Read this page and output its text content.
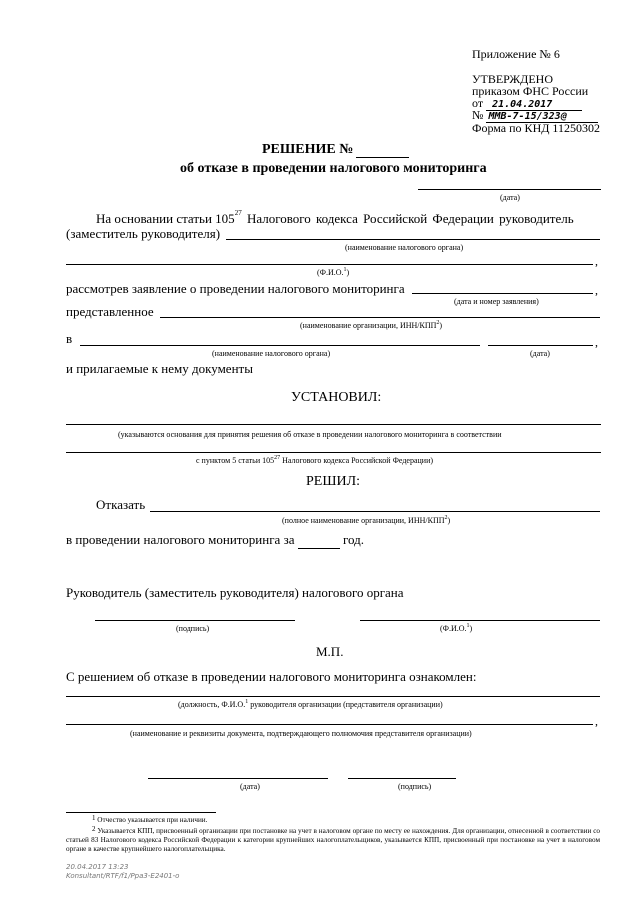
Приложение № 6
УТВЕРЖДЕНО
приказом ФНС России
от 21.04.2017
№ ММВ-7-15/323@
Форма по КНД 11250302
РЕШЕНИЕ №
об отказе в проведении налогового мониторинга
(дата)
На основании статьи $105^{27}$ Налогового кодекса Российской Федерации руководитель
(заместитель руководителя)
(наименование налогового органа)
,
(Ф.И.О.$^1$)
рассмотрев заявление о проведении налогового мониторинга	,
(дата и номер заявления)
представленное
(наименование организации, ИНН/КПП$^2$)
в	,
(наименование налогового органа)	(дата)
и прилагаемые к нему документы
УСТАНОВИЛ:
(указываются основания для принятия решения об отказе в проведении налогового мониторинга в соответствии
с пунктом 5 статьи $105^{27}$ Налогового кодекса Российской Федерации)
РЕШИЛ:
Отказать
(полное наименование организации, ИНН/КПП$^2$)
в проведении налогового мониторинга за	год.
Руководитель (заместитель руководителя) налогового органа
(подпись)	(Ф.И.О.$^1$)
М.П.
С решением об отказе в проведении налогового мониторинга ознакомлен:
(должность, Ф.И.О.$^1$ руководителя организации (представителя организации)
,
(наименование и реквизиты документа, подтверждающего полномочия представителя организации)
(дата)	(подпись)
$^1$ Отчество указывается при наличии.
$^2$ Указывается КПП, присвоенный организации при постановке на учет в налоговом органе по месту ее нахождения. Для организации, отнесенной в соответствии со статьей 83 Налогового кодекса Российской Федерации к категории крупнейших налогоплательщиков, указывается КПП, присвоенный при постановке на учет в налоговом органе в качестве крупнейшего налогоплательщика.
20.04.2017 13:23
Konsultant/RTF/f1/Ppa3-E2401-o
